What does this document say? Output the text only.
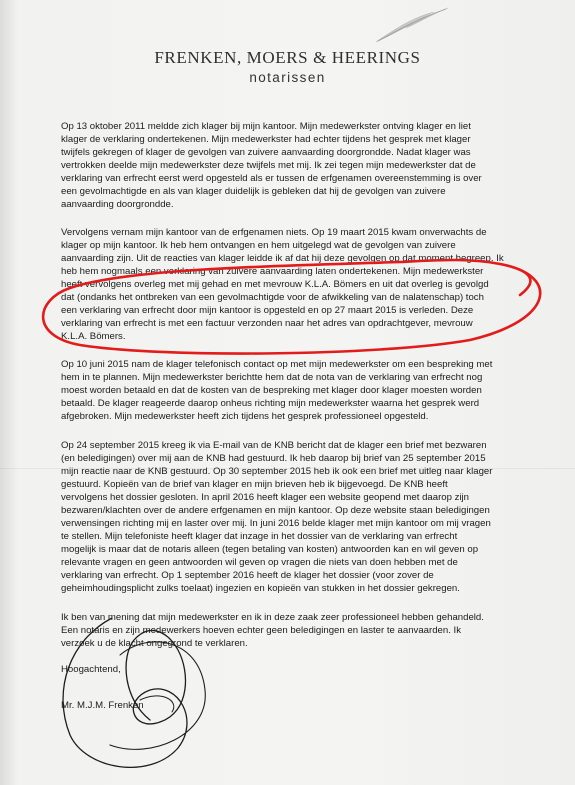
FRENKEN, MOERS & HEERINGS
notarissen
Op 13 oktober 2011 meldde zich klager bij mijn kantoor. Mijn medewerkster ontving klager en liet
klager de verklaring ondertekenen. Mijn medewerkster had echter tijdens het gesprek met klager
twijfels gekregen of klager de gevolgen van zuivere aanvaarding doorgrondde. Nadat klager was
vertrokken deelde mijn medewerkster deze twijfels met mij. Ik zei tegen mijn medewerkster dat de
verklaring van erfrecht eerst werd opgesteld als er tussen de erfgenamen overeenstemming is over
een gevolmachtigde en als van klager duidelijk is gebleken dat hij de gevolgen van zuivere
aanvaarding doorgrondde.
Vervolgens vernam mijn kantoor van de erfgenamen niets. Op 19 maart 2015 kwam onverwachts de
klager op mijn kantoor. Ik heb hem ontvangen en hem uitgelegd wat de gevolgen van zuivere
aanvaarding zijn. Uit de reacties van klager leidde ik af dat hij deze gevolgen op dat moment begreep. Ik
heb hem nogmaals een verklaring van zuivere aanvaarding laten ondertekenen. Mijn medewerkster
heeft vervolgens overleg met mij gehad en met mevrouw K.L.A. Bömers en uit dat overleg is gevolgd
dat (ondanks het ontbreken van een gevolmachtigde voor de afwikkeling van de nalatenschap) toch
een verklaring van erfrecht door mijn kantoor is opgesteld en op 27 maart 2015 is verleden. Deze
verklaring van erfrecht is met een factuur verzonden naar het adres van opdrachtgever, mevrouw
K.L.A. Bömers.
Op 10 juni 2015 nam de klager telefonisch contact op met mijn medewerkster om een bespreking met
hem in te plannen. Mijn medewerkster berichtte hem dat de nota van de verklaring van erfrecht nog
moest worden betaald en dat de kosten van de bespreking met klager door klager moesten worden
betaald. De klager reageerde daarop onheus richting mijn medewerkster waarna het gesprek werd
afgebroken. Mijn medewerkster heeft zich tijdens het gesprek professioneel opgesteld.
Op 24 september 2015 kreeg ik via E-mail van de KNB bericht dat de klager een brief met bezwaren
(en beledigingen) over mij aan de KNB had gestuurd. Ik heb daarop bij brief van 25 september 2015
mijn reactie naar de KNB gestuurd. Op 30 september 2015 heb ik ook een brief met uitleg naar klager
gestuurd. Kopieën van de brief van klager en mijn brieven heb ik bijgevoegd. De KNB heeft
vervolgens het dossier gesloten. In april 2016 heeft klager een website geopend met daarop zijn
bezwaren/klachten over de andere erfgenamen en mijn kantoor. Op deze website staan beledigingen
verwensingen richting mij en laster over mij. In juni 2016 belde klager met mijn kantoor om mij vragen
te stellen. Mijn telefoniste heeft klager dat inzage in het dossier van de verklaring van erfrecht
mogelijk is maar dat de notaris alleen (tegen betaling van kosten) antwoorden kan en wil geven op
relevante vragen en geen antwoorden wil geven op vragen die niets van doen hebben met de
verklaring van erfrecht. Op 1 september 2016 heeft de klager het dossier (voor zover de
geheimhoudingsplicht zulks toelaat) ingezien en kopieën van stukken in het dossier gekregen.
Ik ben van mening dat mijn medewerkster en ik in deze zaak zeer professioneel hebben gehandeld.
Een notaris en zijn medewerkers hoeven echter geen beledigingen en laster te aanvaarden. Ik
verzoek u de klacht ongegrond te verklaren.
Hoogachtend,
Mr. M.J.M. Frenken
